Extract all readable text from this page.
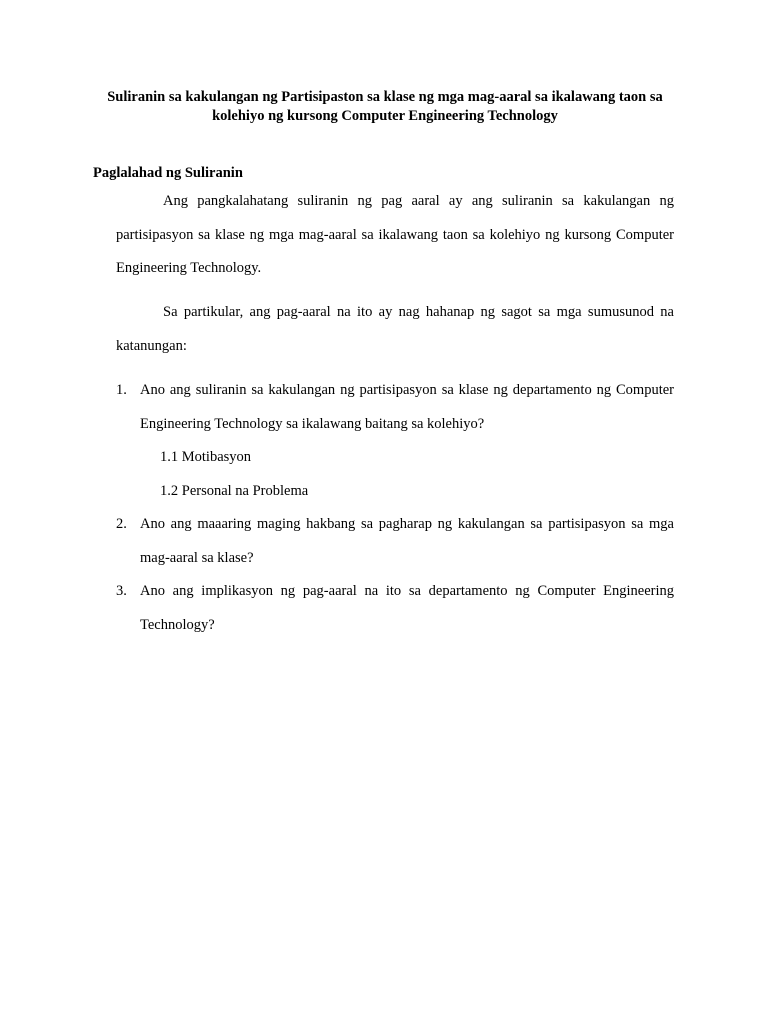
Suliranin sa kakulangan ng Partisipaston sa klase ng mga mag-aaral sa ikalawang taon sa kolehiyo ng kursong Computer Engineering Technology
Paglalahad ng Suliranin

Ang pangkalahatang suliranin ng pag aaral ay ang suliranin sa kakulangan ng partisipasyon sa klase ng mga mag-aaral sa ikalawang taon sa kolehiyo ng kursong Computer Engineering Technology.

Sa partikular, ang pag-aaral na ito ay nag hahanap ng sagot sa mga sumusunod na katanungan:

1. Ano ang suliranin sa kakulangan ng partisipasyon sa klase ng departamento ng Computer Engineering Technology sa ikalawang baitang sa kolehiyo?
1.1 Motibasyon
1.2 Personal na Problema
2. Ano ang maaaring maging hakbang sa pagharap ng kakulangan sa partisipasyon sa mga mag-aaral sa klase?
3. Ano ang implikasyon ng pag-aaral na ito sa departamento ng Computer Engineering Technology?
